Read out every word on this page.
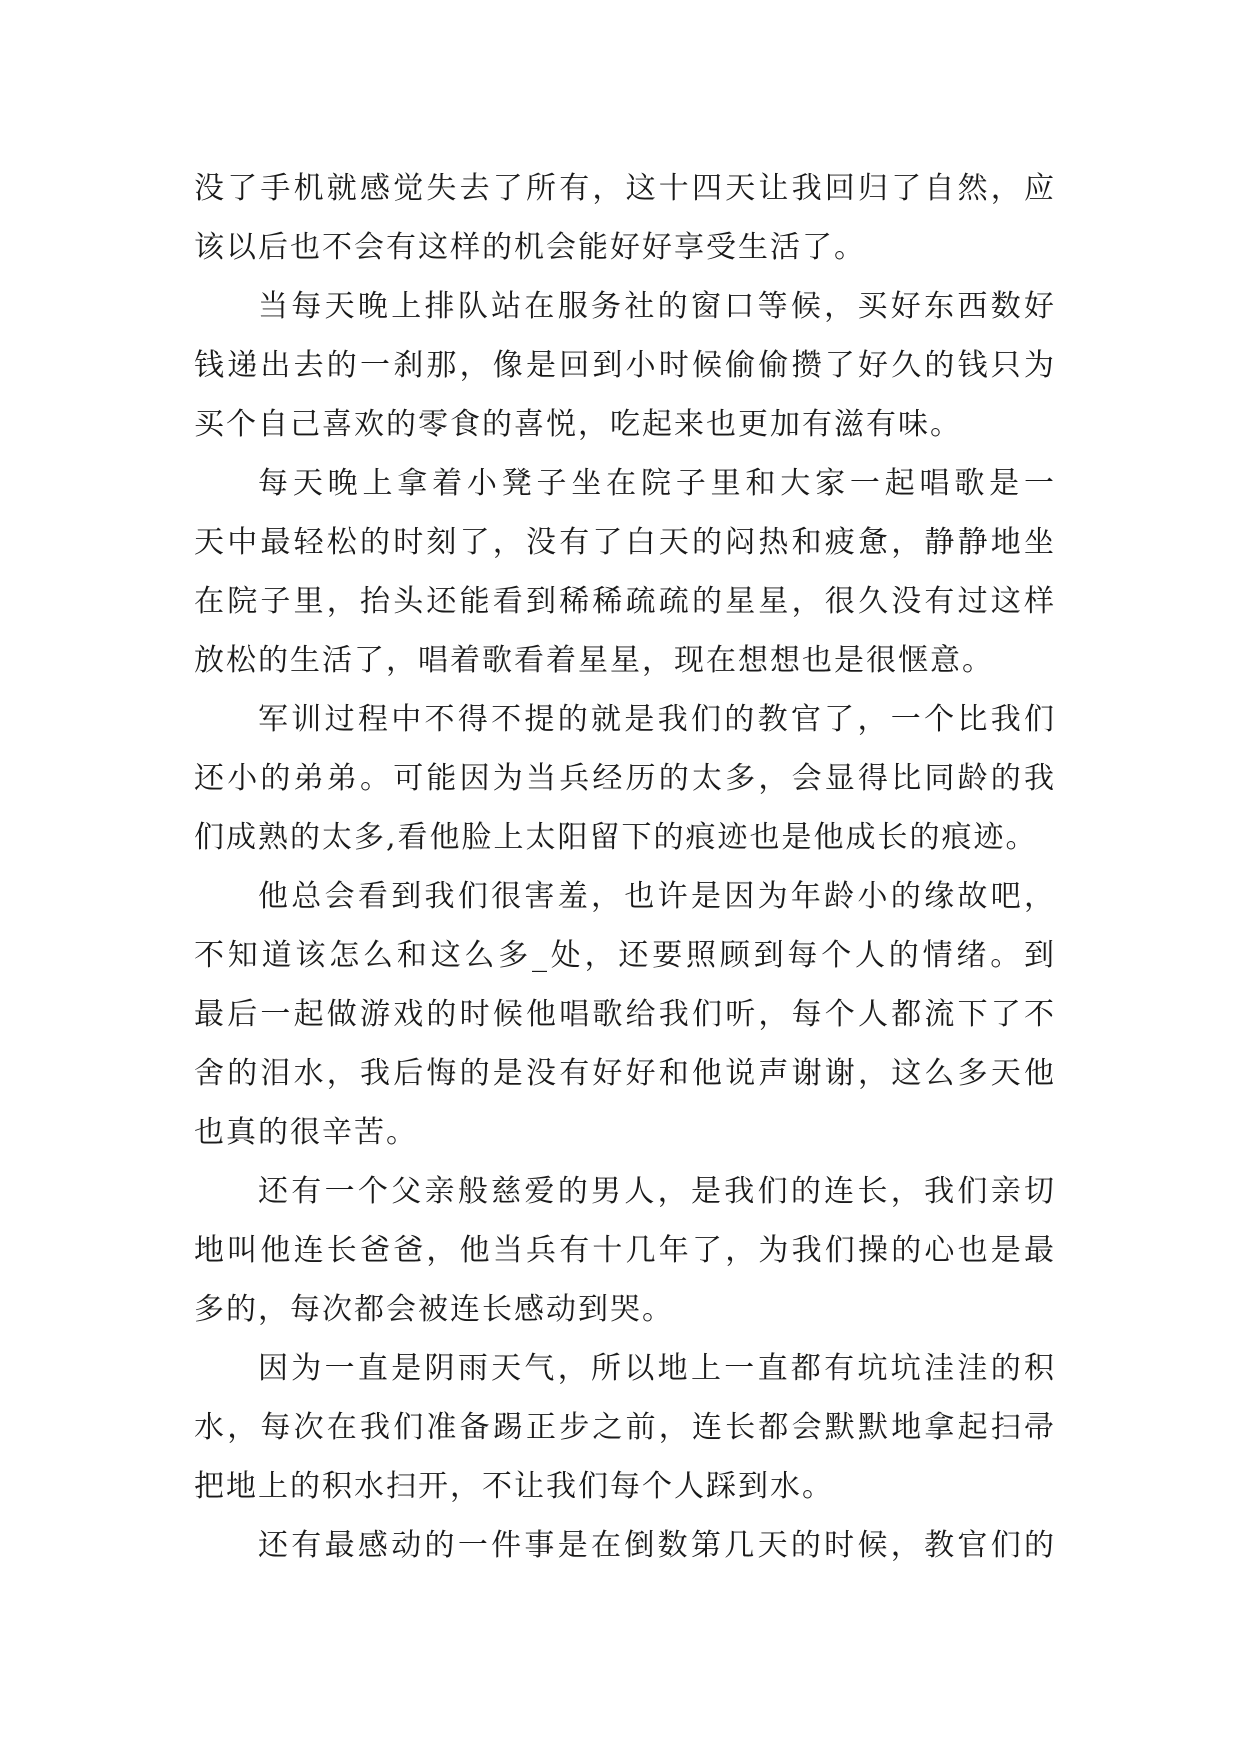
没了手机就感觉失去了所有，这十四天让我回归了自然，应
该以后也不会有这样的机会能好好享受生活了。
当每天晚上排队站在服务社的窗口等候，买好东西数好
钱递出去的一刹那，像是回到小时候偷偷攒了好久的钱只为
买个自己喜欢的零食的喜悦，吃起来也更加有滋有味。
每天晚上拿着小凳子坐在院子里和大家一起唱歌是一
天中最轻松的时刻了，没有了白天的闷热和疲惫，静静地坐
在院子里，抬头还能看到稀稀疏疏的星星，很久没有过这样
放松的生活了，唱着歌看着星星，现在想想也是很惬意。
军训过程中不得不提的就是我们的教官了，一个比我们
还小的弟弟。可能因为当兵经历的太多，会显得比同龄的我
们成熟的太多,看他脸上太阳留下的痕迹也是他成长的痕迹。
他总会看到我们很害羞，也许是因为年龄小的缘故吧，
不知道该怎么和这么多_处，还要照顾到每个人的情绪。到
最后一起做游戏的时候他唱歌给我们听，每个人都流下了不
舍的泪水，我后悔的是没有好好和他说声谢谢，这么多天他
也真的很辛苦。
还有一个父亲般慈爱的男人，是我们的连长，我们亲切
地叫他连长爸爸，他当兵有十几年了，为我们操的心也是最
多的，每次都会被连长感动到哭。
因为一直是阴雨天气，所以地上一直都有坑坑洼洼的积
水，每次在我们准备踢正步之前，连长都会默默地拿起扫帚
把地上的积水扫开，不让我们每个人踩到水。
还有最感动的一件事是在倒数第几天的时候，教官们的
